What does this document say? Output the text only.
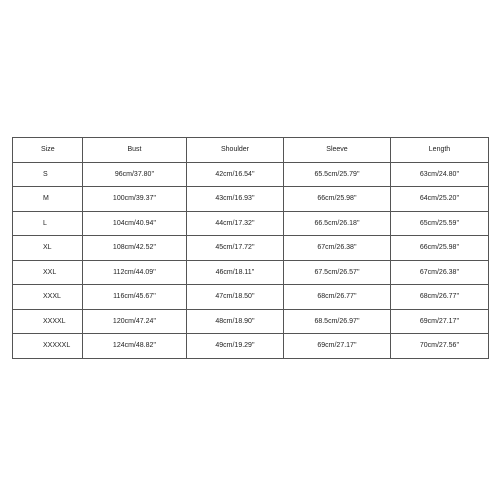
Size	Bust	Shoulder	Sleeve	Length
S	96cm/37.80''	42cm/16.54''	65.5cm/25.79''	63cm/24.80''
M	100cm/39.37''	43cm/16.93''	66cm/25.98''	64cm/25.20''
L	104cm/40.94''	44cm/17.32''	66.5cm/26.18''	65cm/25.59''
XL	108cm/42.52''	45cm/17.72''	67cm/26.38''	66cm/25.98''
XXL	112cm/44.09''	46cm/18.11''	67.5cm/26.57''	67cm/26.38''
XXXL	116cm/45.67''	47cm/18.50''	68cm/26.77''	68cm/26.77''
XXXXL	120cm/47.24''	48cm/18.90''	68.5cm/26.97''	69cm/27.17''
XXXXXL	124cm/48.82''	49cm/19.29''	69cm/27.17''	70cm/27.56''
